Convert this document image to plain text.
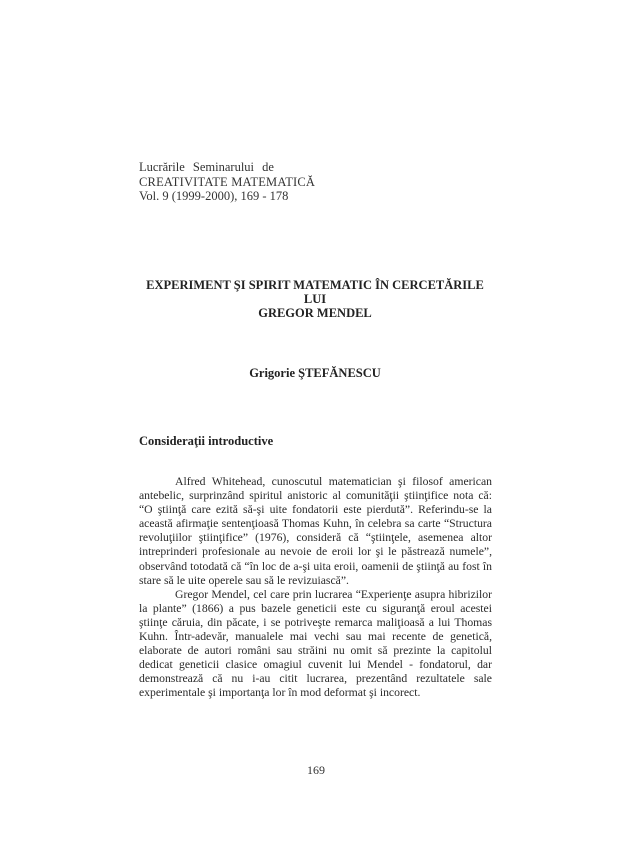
Lucrările Seminarului de
CREATIVITATE MATEMATICĂ
Vol. 9 (1999-2000), 169 - 178
EXPERIMENT ŞI SPIRIT MATEMATIC ÎN CERCETĂRILE
LUI
GREGOR MENDEL
Grigorie ŞTEFĂNESCU
Consideraţii introductive

Alfred Whitehead, cunoscutul matematician şi filosof american antebelic, surprinzând spiritul anistoric al comunităţii ştiinţifice nota că: “O ştiinţă care ezită să-şi uite fondatorii este pierdută”. Referindu-se la această afirmaţie sentenţioasă Thomas Kuhn, în celebra sa carte “Structura revoluţiilor ştiinţifice” (1976), consideră că “ştiinţele, asemenea altor intreprinderi profesionale au nevoie de eroii lor şi le păstrează numele”, observând totodată că “în loc de a-şi uita eroii, oamenii de ştiinţă au fost în stare să le uite operele sau să le revizuiască”.

Gregor Mendel, cel care prin lucrarea “Experienţe asupra hibrizilor la plante” (1866) a pus bazele geneticii este cu siguranţă eroul acestei ştiinţe căruia, din păcate, i se potriveşte remarca maliţioasă a lui Thomas Kuhn. Într-adevăr, manualele mai vechi sau mai recente de genetică, elaborate de autori români sau străini nu omit să prezinte la capitolul dedicat geneticii clasice omagiul cuvenit lui Mendel - fondatorul, dar demonstrează că nu i-au citit lucrarea, prezentând rezultatele sale experimentale şi importanţa lor în mod deformat şi incorect.

169
